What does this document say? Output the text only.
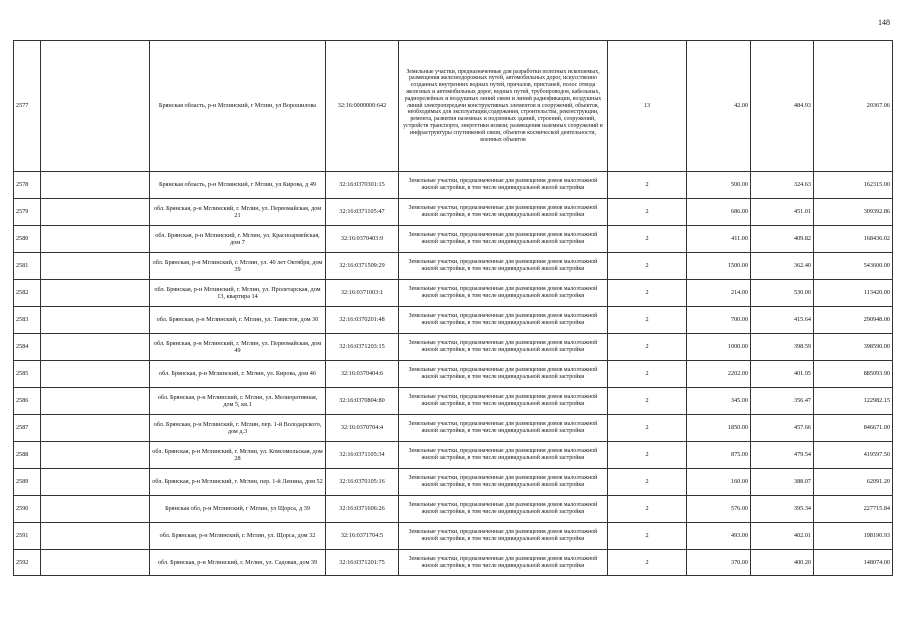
148
2577		Брянская область, р-н Мглинский, г Мглин, ул Ворошилова	32:16:0000000:642	Земельные участки, предназначенные для разработки полезных ископаемых, размещения железнодорожных путей, автомобильных дорог, искусственно созданных внутренних водных путей, причалов, пристаней, полос отвода железных и автомобильных дорог, водных путей, трубопроводов, кабельных, радиорелейных и воздушных линий связи и линий радиофикации, воздушных линий электропередачи конструктивных элементов и сооружений, объектов, необходимых для эксплуатации,содержания, строительства, реконструкции, ремонта, развития наземных и подземных зданий, строений, сооружений, устройств транспорта, энергетики исвязи; размещения наземных сооружений и инфраструктуры спутниковой связи, объектов космической деятельности, военных объектов	13	42.00	484.93	20367.06
2578		Брянская область, р-н Мглинский, г Мглин, ул Кирова, д 49	32:16:0370301:15	Земельные участки, предназначенные для размещения домов малоэтажной жилой застройки, в том числе индивидуальной жилой застройки	2	500.00	324.63	162315.00
2579		обл. Брянская, р-н Мглинский, г. Мглин, ул. Первомайская, дом 21	32:16:0371105:47	Земельные участки, предназначенные для размещения домов малоэтажной жилой застройки, в том числе индивидуальной жилой застройки	2	686.00	451.01	309392.86
2580		обл. Брянская, р-н Мглинский, г. Мглин, ул. Красноармейская, дом 7	32:16:0370403:9	Земельные участки, предназначенные для размещения домов малоэтажной жилой застройки, в том числе индивидуальной жилой застройки	2	411.00	409.82	168436.02
2581		обл. Брянская, р-н Мглинский, г. Мглин, ул. 40 лет Октября, дом 39	32:16:0371509:29	Земельные участки, предназначенные для размещения домов малоэтажной жилой застройки, в том числе индивидуальной жилой застройки	2	1500.00	362.40	543600.00
2582		обл. Брянская, р-н Мглинский, г. Мглин, ул. Пролетарская, дом 13, квартира 14	32:16:0371003:1	Земельные участки, предназначенные для размещения домов малоэтажной жилой застройки, в том числе индивидуальной жилой застройки	2	214.00	530.00	113420.00
2583		обл. Брянская, р-н Мглинский, г. Мглин, ул. Тавистов, дом 30	32:16:0370201:48	Земельные участки, предназначенные для размещения домов малоэтажной жилой застройки, в том числе индивидуальной жилой застройки	2	700.00	415.64	290948.00
2584		обл. Брянская, р-н Мглинский, г. Мглин, ул. Первомайская, дом 49	32:16:0371203:15	Земельные участки, предназначенные для размещения домов малоэтажной жилой застройки, в том числе индивидуальной жилой застройки	2	1000.00	398.59	398590.00
2585		обл. Брянская, р-н Мглинский, г. Мглин, ул. Кирова, дом 46	32:16:0370404:6	Земельные участки, предназначенные для размещения домов малоэтажной жилой застройки, в том числе индивидуальной жилой застройки	2	2202.00	401.95	885093.90
2586		обл. Брянская, р-н Мглинский, г. Мглин, ул. Мелиоративная, дом 5, кв.1	32:16:0370804:80	Земельные участки, предназначенные для размещения домов малоэтажной жилой застройки, в том числе индивидуальной жилой застройки	2	345.00	356.47	122982.15
2587		обл. Брянская, р-н Мглинский, г. Мглин, пер. 1-й Володарского, дом д.3	32:16:0370704:4	Земельные участки, предназначенные для размещения домов малоэтажной жилой застройки, в том числе индивидуальной жилой застройки	2	1850.00	457.66	846671.00
2588		обл. Брянская, р-н Мглинский, г. Мглин, ул. Комсомольская, дом 28	32:16:0371105:34	Земельные участки, предназначенные для размещения домов малоэтажной жилой застройки, в том числе индивидуальной жилой застройки	2	875.00	479.54	419597.50
2589		обл. Брянская, р-н Мглинский, г. Мглин, пер. 1-й Ленина, дом 52	32:16:0370105:16	Земельные участки, предназначенные для размещения домов малоэтажной жилой застройки, в том числе индивидуальной жилой застройки	2	160.00	388.07	62091.20
2590		Брянская обл, р-н Мглинский, г Мглин, ул Щорса, д 39	32:16:0371606:26	Земельные участки, предназначенные для размещения домов малоэтажной жилой застройки, в том числе индивидуальной жилой застройки	2	576.00	395.34	227715.84
2591		обл. Брянская, р-н Мглинский, г. Мглин, ул. Щорса, дом 32	32:16:0371704:5	Земельные участки, предназначенные для размещения домов малоэтажной жилой застройки, в том числе индивидуальной жилой застройки	2	493.00	402.01	198190.93
2592		обл. Брянская, р-н Мглинский, г. Мглин, ул. Садовая, дом 39	32:16:0371201:75	Земельные участки, предназначенные для размещения домов малоэтажной жилой застройки, в том числе индивидуальной жилой застройки	2	370.00	400.20	148074.00
